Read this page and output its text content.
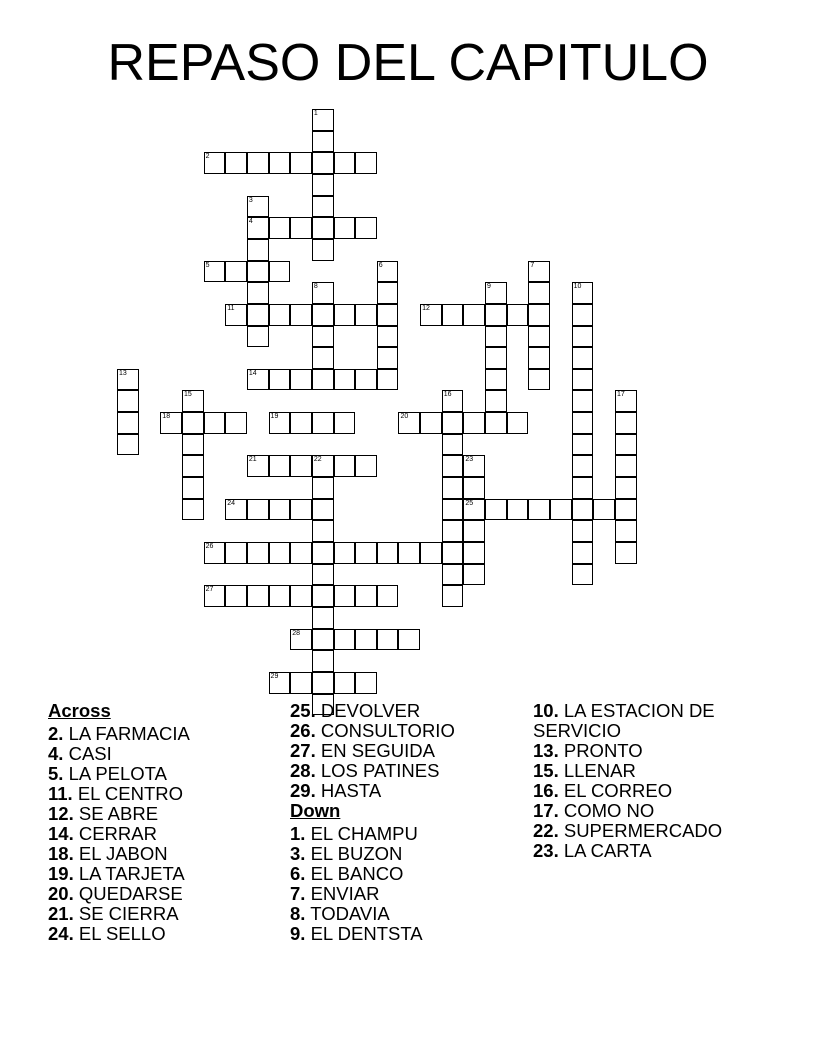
REPASO DEL CAPITULO
1
2
3
4
5	6	7
8	9	10
11	12
13	14
15	16	17
18	19	20
21	22	23
25
24
26
27
28
29
Across
2. LA FARMACIA
4. CASI
5. LA PELOTA
11. EL CENTRO
12. SE ABRE
14. CERRAR
18. EL JABON
19. LA TARJETA
20. QUEDARSE
21. SE CIERRA
24. EL SELLO
25. DEVOLVER
26. CONSULTORIO
27. EN SEGUIDA
28. LOS PATINES
29. HASTA
Down
1. EL CHAMPU
3. EL BUZON
6. EL BANCO
7. ENVIAR
8. TODAVIA
9. EL DENTSTA
10. LA ESTACION DE SERVICIO
13. PRONTO
15. LLENAR
16. EL CORREO
17. COMO NO
22. SUPERMERCADO
23. LA CARTA
